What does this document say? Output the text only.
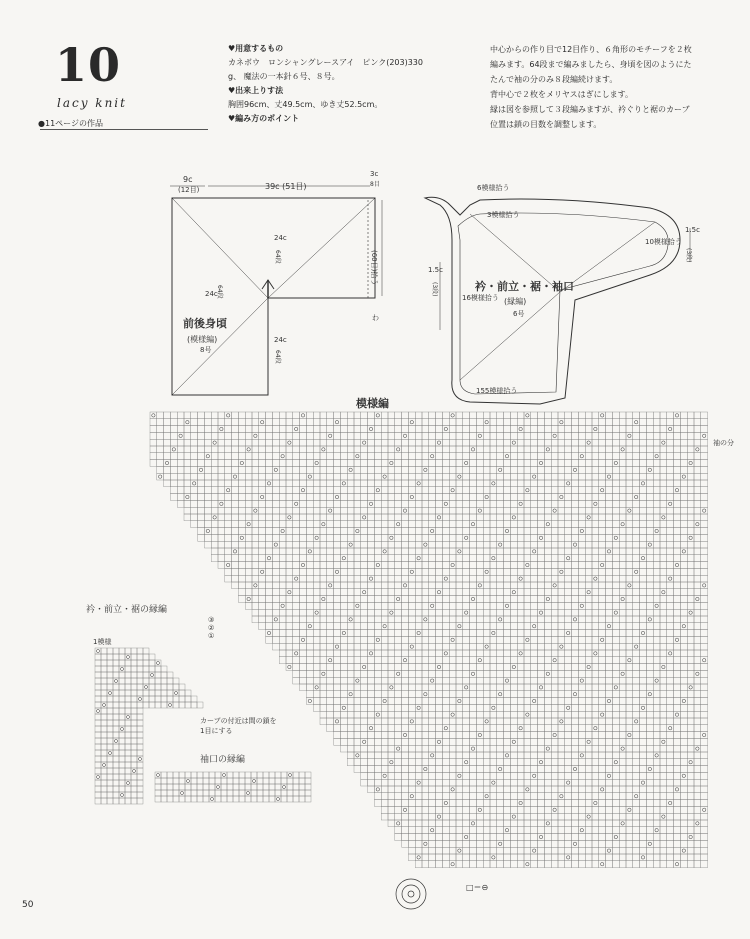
10
lacy knit
●11ページの作品
♥用意するもの
カネボウ　ロンシャングレースアイ　ピンク(203)330
g、 魔法の一本針６号、８号。
♥出来上りす法
胸囲96cm、丈49.5cm、ゆき丈52.5cm。
♥編み方のポイント
中心からの作り目で12目作り、６角形のモチーフを２枚
編みます。64段まで編みましたら、身頃を図のようにた
たんで袖の分のみ８段編続けます。
背中心で２枚をメリヤスはぎにします。
縁は図を参照して３段編みますが、衿ぐりと裾のカーブ
位置は鎖の目数を調整します。
9c
(12目)	39c (51目)
3c
8目
(60目)拾う
24c
64段
24c
64段
24c
64段
わ
前後身頃
(模様編)
8号
6模様拾う
3模様拾う
1.5c
(3段)
10模様拾う
1.5c
(3段)
16模様拾う
155模様拾う
衿・前立・裾・袖口
(縁編)
6号
模様編
袖の分
□＝⊖
衿・前立・裾の縁編
1模様
③
②
①
カーブの付近は間の鎖を
1目にする
袖口の縁編
50
